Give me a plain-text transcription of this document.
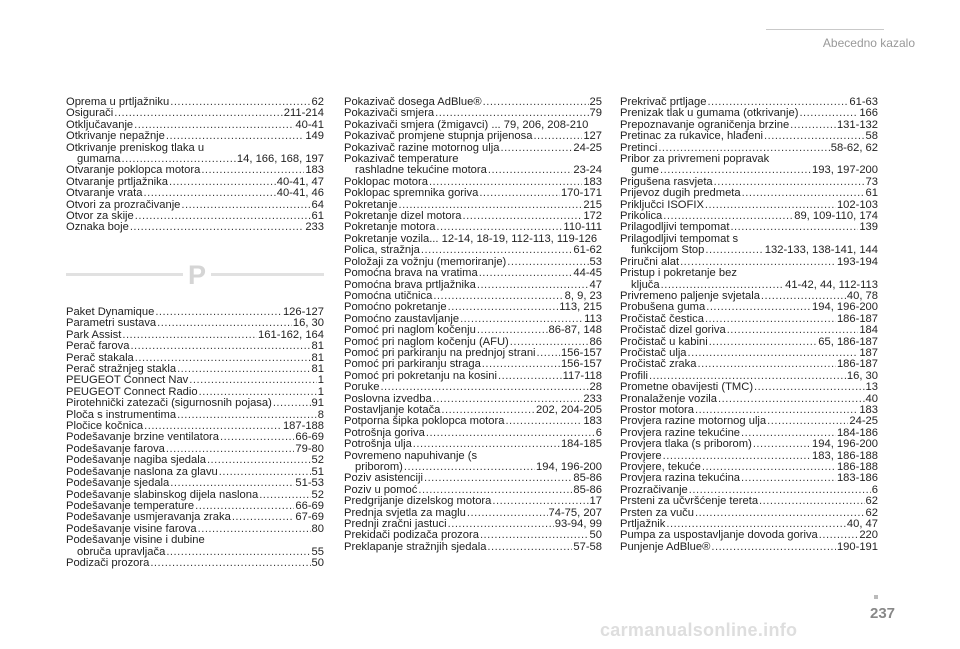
Abecedno kazalo
Oprema u prtljažniku .....	62
Osigurači .....	211-214
Otključavanje .....	40-41
Otkrivanje nepažnje .....	149
Otkrivanje preniskog tlaka u
gumama .....	14, 166, 168, 197
Otvaranje poklopca motora .....	183
Otvaranje prtljažnika .....	40-41, 47
Otvaranje vrata .....	40-41, 46
Otvori za prozračivanje .....	64
Otvor za skije .....	61
Oznaka boje .....	233
P
Paket Dynamique .....	126-127
Parametri sustava .....	16, 30
Park Assist .....	161-162, 164
Perač farova .....	81
Perač stakala .....	81
Perač stražnjeg stakla .....	81
PEUGEOT Connect Nav .....	1
PEUGEOT Connect Radio .....	1
Pirotehnički zatezači (sigurnosnih pojasa) .....	91
Ploča s instrumentima .....	8
Pločice kočnica .....	187-188
Podešavanje brzine ventilatora .....	66-69
Podešavanje farova .....	79-80
Podešavanje nagiba sjedala .....	52
Podešavanje naslona za glavu .....	51
Podešavanje sjedala .....	51-53
Podešavanje slabinskog dijela naslona .....	52
Podešavanje temperature .....	66-69
Podešavanje usmjeravanja zraka .....	67-69
Podešavanje visine farova .....	80
Podešavanje visine i dubine
obruča upravljača .....	55
Podizači prozora .....	50
Pokazivač dosega AdBlue® .....	25
Pokazivači smjera .....	79
Pokazivači smjera (žmigavci) ... 79, 206, 208-210
Pokazivač promjene stupnja prijenosa .....	127
Pokazivač razine motornog ulja .....	24-25
Pokazivač temperature
rashladne tekućine motora .....	23-24
Poklopac motora .....	183
Poklopac spremnika goriva .....	170-171
Pokretanje .....	215
Pokretanje dizel motora .....	172
Pokretanje motora .....	110-111
Pokretanje vozila... 12-14, 18-19, 112-113, 119-126
Polica, stražnja .....	61-62
Položaji za vožnju (memoriranje) .....	53
Pomoćna brava na vratima .....	44-45
Pomoćna brava prtljažnika .....	47
Pomoćna utičnica .....	8, 9, 23
Pomoćno pokretanje .....	113, 215
Pomoćno zaustavljanje .....	113
Pomoć pri naglom kočenju .....	86-87, 148
Pomoć pri naglom kočenju (AFU) .....	86
Pomoć pri parkiranju na prednjoj strani ..... 156-157
Pomoć pri parkiranju straga .....	156-157
Pomoć pri pokretanju na kosini .....	117-118
Poruke .....	28
Poslovna izvedba .....	233
Postavljanje kotača .....	202, 204-205
Potporna šipka poklopca motora .....	183
Potrošnja goriva .....	6
Potrošnja ulja .....	184-185
Povremeno napuhivanje (s
priborom) .....	194, 196-200
Poziv asistenciji .....	85-86
Poziv u pomoć .....	85-86
Predgrijanje dizelskog motora .....	17
Prednja svjetla za maglu .....	74-75, 207
Prednji zračni jastuci .....	93-94, 99
Prekidači podizača prozora .....	50
Preklapanje stražnjih sjedala .....	57-58
Prekrivač prtljage .....	61-63
Prenizak tlak u gumama (otkrivanje) .....	166
Prepoznavanje ograničenja brzine .....	131-132
Pretinac za rukavice, hlađeni .....	58
Pretinci .....	58-62, 62
Pribor za privremeni popravak
gume .....	193, 197-200
Prigušena rasvjeta .....	73
Prijevoz dugih predmeta .....	61
Priključci ISOFIX .....	102-103
Prikolica .....	89, 109-110, 174
Prilagodljivi tempomat .....	139
Prilagodljivi tempomat s
funkcijom Stop .....	132-133, 138-141, 144
Priručni alat .....	193-194
Pristup i pokretanje bez
ključa .....	41-42, 44, 112-113
Privremeno paljenje svjetala .....	40, 78
Probušena guma .....	194, 196-200
Pročistač čestica .....	186-187
Pročistač dizel goriva .....	184
Pročistač u kabini .....	65, 186-187
Pročistač ulja .....	187
Pročistač zraka .....	186-187
Profili .....	16, 30
Prometne obavijesti (TMC) .....	13
Pronalaženje vozila .....	40
Prostor motora .....	183
Provjera razine motornog ulja .....	24-25
Provjera razine tekućine .....	184-186
Provjera tlaka (s priborom) .....	194, 196-200
Provjere .....	183, 186-188
Provjere, tekuće .....	186-188
Provjera razina tekućina .....	183-186
Prozračivanje .....	6
Prsteni za učvršćenje tereta .....	62
Prsten za vuču .....	62
Prtljažnik .....	40, 47
Pumpa za uspostavljanje dovoda goriva .....	220
Punjenje AdBlue® .....	190-191
237
carmanualsonline.info
